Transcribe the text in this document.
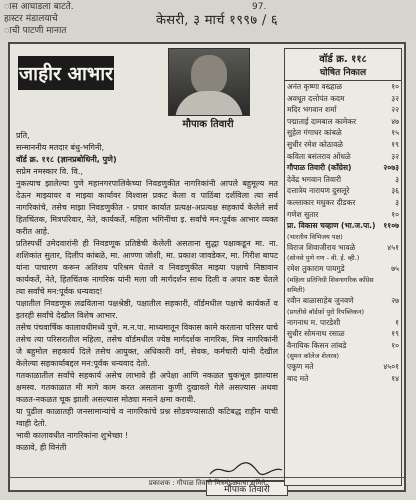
ास आघाडला बाटते.
हास्टर मंडालयाचे
ाची पाटणी मानात
97.
केसरी, ३ मार्च १९९७ / ६
जाहीर आभार
मौपाक तिवारी

प्रति,

सन्माननीय मतदार बंधु-भगिनी,

वॉर्ड क्र. ११८ (ज्ञानप्रबोधिनी, पुणे)

सप्रेम नमस्कार वि. वि.,

नुकत्याच झालेल्या पुणे महानगरपालिकेच्या निवडणुकीत नागरिकांनी आपले बहुमूल्य मत देऊन माझ्यावर व माझ्या कार्यावर विश्वास प्रकट केला व पाठिंबा दर्शविला त्या सर्व नागरिकांचे, तसेच माझा निवडणुकीत - प्रचार कार्यात प्रत्यक्ष-अप्रत्यक्ष सहकार्य केलेले सर्व हितचिंतक, मित्रपरिवार, नेते, कार्यकर्ते, महिला भगिनींचा इ. सर्वांचे मन:पूर्वक आभार व्यक्त करीत आहे.

प्रतिस्पर्धी उमेदवारांनी ही निवडणूक प्रतिष्ठेची केलेली असताना सुद्धा पक्षाकडून मा. ना. शशिकांत सुतार, दिलीप कांबळे, मा. आण्णा जोशी, मा. प्रकाश जावडेकर, मा. गिरीश बापट यांना पाचारण करून अतिशय परिश्रम घेतले व निवडणुकीत माझ्या पक्षाचे निष्ठावान कार्यकर्ते, नेते, हितचिंतक नागरिक यांनी मला जी मार्गदर्शन साथ दिली व अपार कष्ट घेतले त्या सर्वांचे मन:पूर्वक धन्यवाद!

पक्षातील निवडणूक लढविताना पक्षश्रेष्ठी, पक्षातील सहकारी, वॉर्डमधील पक्षाचे कार्यकर्ते व इतरही सर्वांचे देखील विशेष आभार.

तसेच पंचवार्षिक कालावधीमध्ये पुणे. म.न.पा. माध्यमातून विकास कामे करताना परिसर याचे तसेच त्या परिसरातील महिला, तसेच वॉर्डमधील ज्येष्ठ मार्गदर्शक नागरिक, मित्र नागरिकांनी जे बहुमोल सहकार्य दिले तसेच आयुक्त, अधिकारी वर्ग, सेवक, कर्मचारी यांनी देखील केलेल्या सहकार्याबद्दल मन:पूर्वक धन्यवाद देतो.

गतकाळातील सर्वांचे सहकार्य असेच लाभावे ही अपेक्षा आणि नकळत चुकभूल झाल्यास क्षमस्व. गतकाळात मी मागे काम करत असताना कुणी दुखावले गेले असल्यास अथवा कळत-नकळत चूक झाली असल्यास मोठ्या मनाने क्षमा करावी.

या पुढील काळातही जनसामान्यांचे व नागरिकांचे प्रश्न सोडवण्यासाठी कटिबद्ध राहीन याची ग्वाही देतो.

भावी कालावधीत नागरिकांना शुभेच्छा !

कळावे, ही विनंती

मौपाक तिवारी
वॉर्ड क्र. ११८
घोषित निकाल
अनंत कृष्णा वख्हाळ	१०
अवधूत दत्तोपंत कदम	३२
मदिर भगवान शर्मा	२२
पद्माताई दामबाल कामेकर	४७
सुहेल गंगाधर कांबळे	१५
सुधीर रमेश कोठावळे	१९
कविता बसंतराव ओंधळे	३२
गौपाळ तिवारी (काँग्रेस)	२०७३
देवेंद्र भगवान तिवारी	३
दत्तात्रेय नारायण दुसलूरे	३६
कल्लाकार मधुकर दीडकर	३
गणेश सुतार	१०
प्रा. विकास चव्हाण (भा.ज.पा.)	११०७
(भारतीय विभिजय पक्ष)
विराज शिवाजीराव भावळे	४५१
(सोनसे पुणे गण - वी. ई. व्ही.)
रमेश तुकाराम पायगुडे	७५
(महिला प्रतिनिधी शिवनागरिक काँग्रेस समिती)
रवीन बाळासाहेब जुनवणे	२७
(प्रगतीसे बॉर्डर्फ़ा पुरो रिपब्लिकन)
नागनाथ म. पारडेशी	१
सुधीर सोमनाथ रसाळ	१९
वैनायिक किसन लांबडे	१०
(सुमन कॉलेज शेलरव)
एकूण मते	४५०१
बाद मते	१४
प्रकाशक : गौपाळ तिवारी मित्रमंडळ्याचा समिते
